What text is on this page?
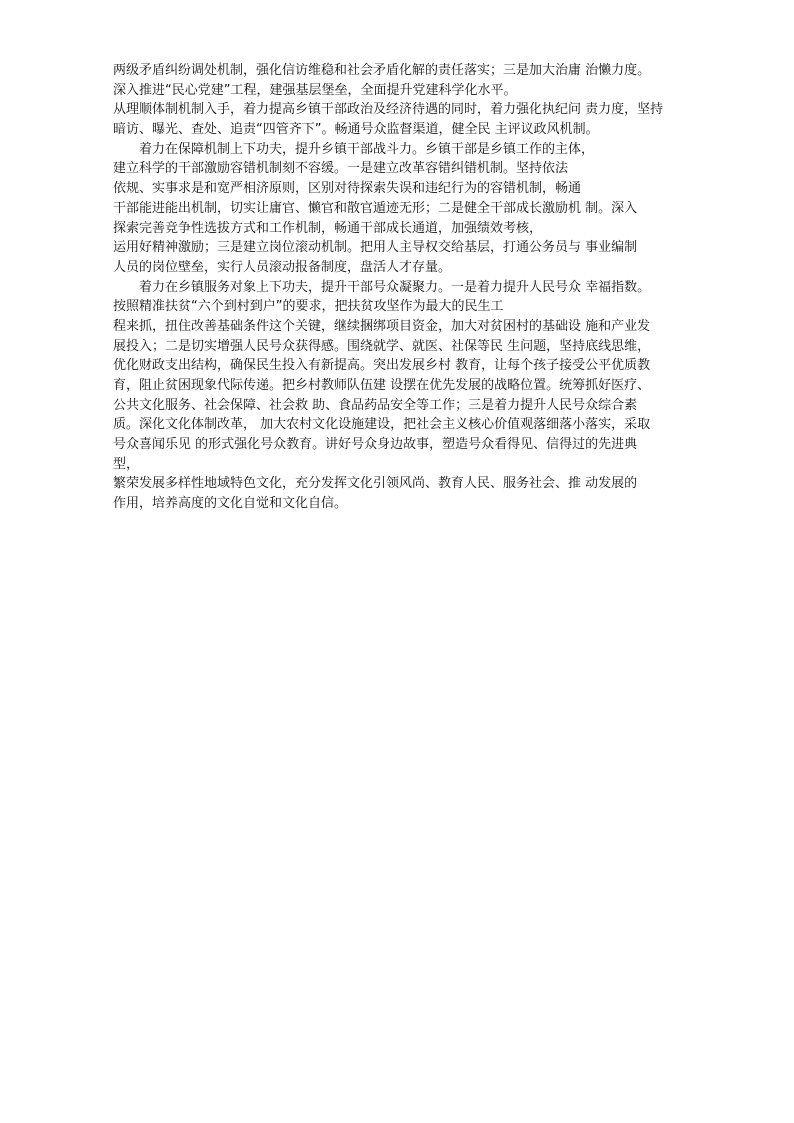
两级矛盾纠纷调处机制，强化信访维稳和社会矛盾化解的责任落实；三是加大治庸 治懒力度。
深入推进“民心党建”工程，建强基层堡垒，全面提升党建科学化水平。
从理顺体制机制入手，着力提高乡镇干部政治及经济待遇的同时，着力强化执纪问 责力度，坚持
暗访、曝光、查处、追责“四管齐下”。畅通号众监督渠道，健全民 主评议政风机制。
着力在保障机制上下功夫，提升乡镇干部战斗力。乡镇干部是乡镇工作的主体，
建立科学的干部激励容错机制刻不容缓。一是建立改革容错纠错机制。坚持依法
依规、实事求是和宽严相济原则，区别对待探索失误和违纪行为的容错机制，畅通
干部能进能出机制，切实让庸官、懒官和散官遁迹无形；二是健全干部成长激励机 制。深入
探索完善竞争性选拔方式和工作机制，畅通干部成长通道，加强绩效考核，
运用好精神激励；三是建立岗位滚动机制。把用人主导权交给基层，打通公务员与 事业编制
人员的岗位壁垒，实行人员滚动报备制度，盘活人才存量。
着力在乡镇服务对象上下功夫，提升干部号众凝聚力。一是着力提升人民号众 幸福指数。
按照精准扶贫“六个到村到户”的要求，把扶贫攻坚作为最大的民生工
程来抓，扭住改善基础条件这个关键，继续捆绑项目资金，加大对贫困村的基础设 施和产业发
展投入；二是切实增强人民号众获得感。围绕就学、就医、社保等民 生问题，坚持底线思维，
优化财政支出结构，确保民生投入有新提高。突出发展乡村 教育，让每个孩子接受公平优质教
育，阻止贫困现象代际传递。把乡村教师队伍建 设摆在优先发展的战略位置。统筹抓好医疗、
公共文化服务、社会保障、社会救 助、食品药品安全等工作；三是着力提升人民号众综合素
质。深化文化体制改革， 加大农村文化设施建设，把社会主义核心价值观落细落小落实，采取
号众喜闻乐见 的形式强化号众教育。讲好号众身边故事，塑造号众看得见、信得过的先进典
型，
繁荣发展多样性地域特色文化，充分发挥文化引领风尚、教育人民、服务社会、推 动发展的
作用，培养高度的文化自觉和文化自信。
